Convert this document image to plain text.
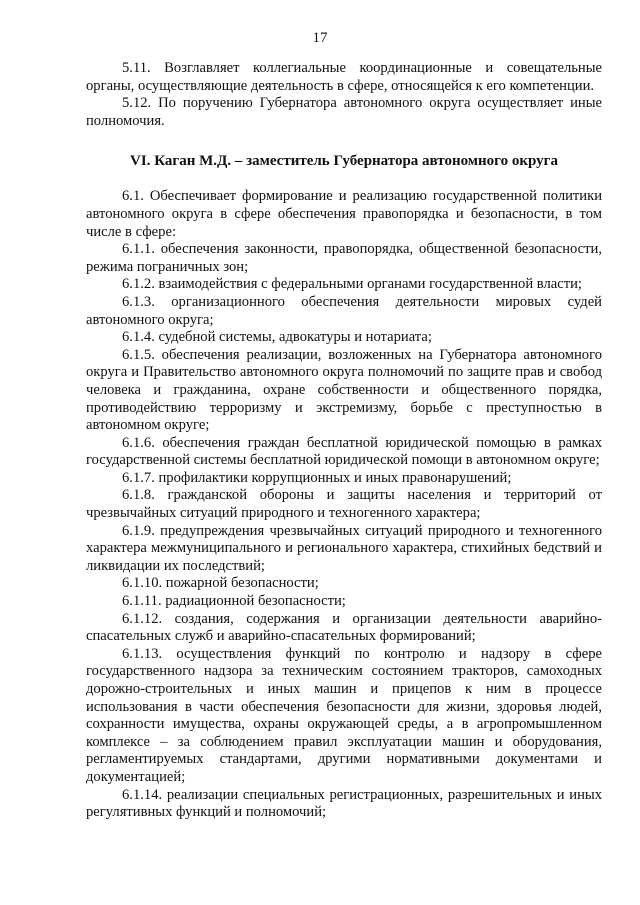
17

5.11. Возглавляет коллегиальные координационные и совещательные органы, осуществляющие деятельность в сфере, относящейся к его компетенции.

5.12. По поручению Губернатора автономного округа осуществляет иные полномочия.

VI. Каган М.Д. – заместитель Губернатора автономного округа

6.1. Обеспечивает формирование и реализацию государственной политики автономного округа в сфере обеспечения правопорядка и безопасности, в том числе в сфере:

6.1.1. обеспечения законности, правопорядка, общественной безопасности, режима пограничных зон;

6.1.2. взаимодействия с федеральными органами государственной власти;

6.1.3. организационного обеспечения деятельности мировых судей автономного округа;

6.1.4. судебной системы, адвокатуры и нотариата;

6.1.5. обеспечения реализации, возложенных на Губернатора автономного округа и Правительство автономного округа полномочий по защите прав и свобод человека и гражданина, охране собственности и общественного порядка, противодействию терроризму и экстремизму, борьбе с преступностью в автономном округе;

6.1.6. обеспечения граждан бесплатной юридической помощью в рамках государственной системы бесплатной юридической помощи в автономном округе;

6.1.7. профилактики коррупционных и иных правонарушений;

6.1.8. гражданской обороны и защиты населения и территорий от чрезвычайных ситуаций природного и техногенного характера;

6.1.9. предупреждения чрезвычайных ситуаций природного и техногенного характера межмуниципального и регионального характера, стихийных бедствий и ликвидации их последствий;

6.1.10. пожарной безопасности;

6.1.11. радиационной безопасности;

6.1.12. создания, содержания и организации деятельности аварийно-спасательных служб и аварийно-спасательных формирований;

6.1.13. осуществления функций по контролю и надзору в сфере государственного надзора за техническим состоянием тракторов, самоходных дорожно-строительных и иных машин и прицепов к ним в процессе использования в части обеспечения безопасности для жизни, здоровья людей, сохранности имущества, охраны окружающей среды, а в агропромышленном комплексе – за соблюдением правил эксплуатации машин и оборудования, регламентируемых стандартами, другими нормативными документами и документацией;

6.1.14. реализации специальных регистрационных, разрешительных и иных регулятивных функций и полномочий;
